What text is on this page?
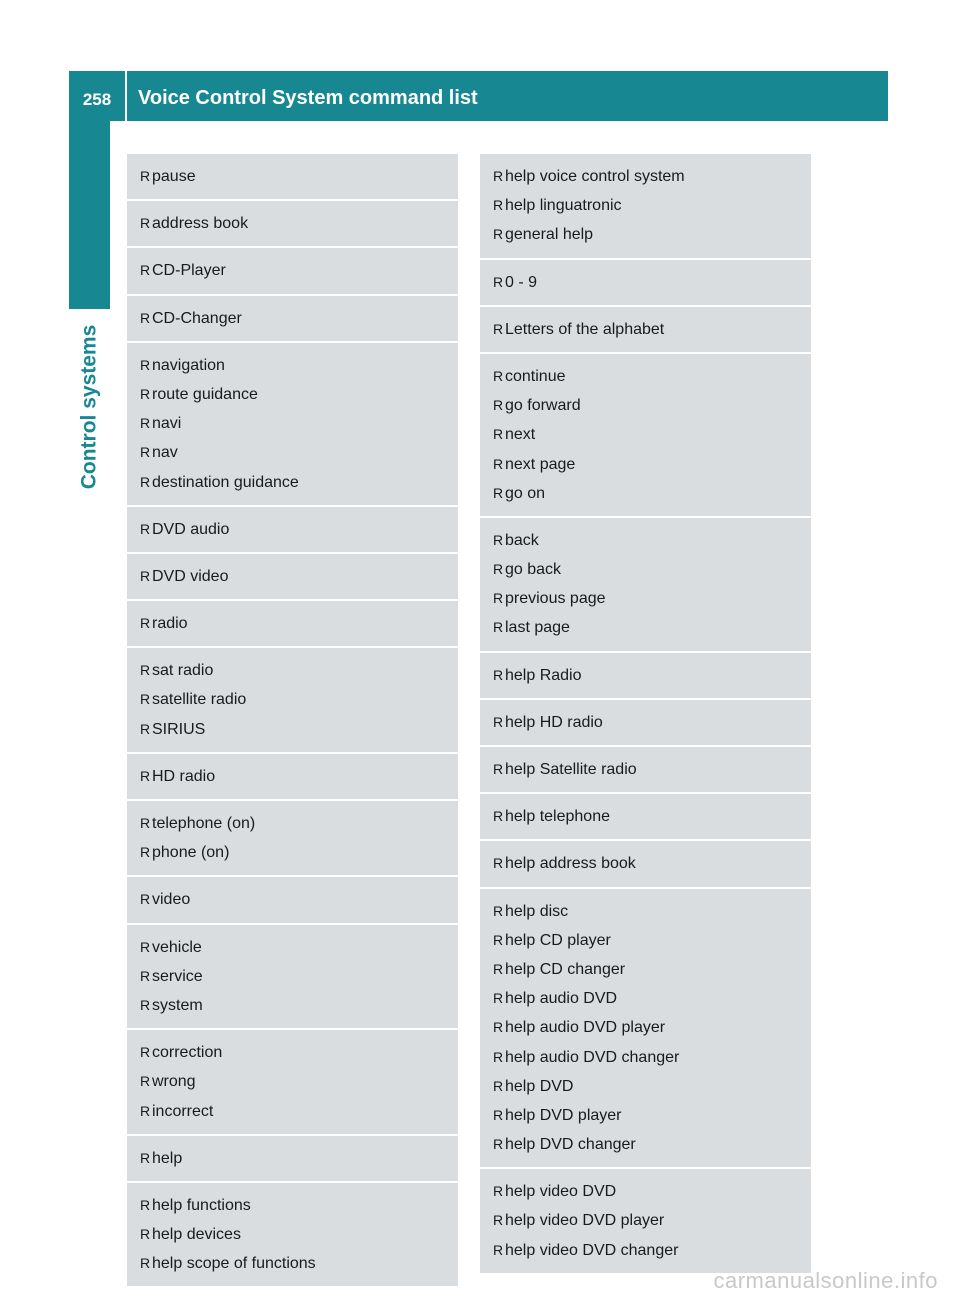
258	Voice Control System command list
Control systems
R pause
R address book
R CD-Player
R CD-Changer
R navigation
R route guidance
R navi
R nav
R destination guidance
R DVD audio
R DVD video
R radio
R sat radio
R satellite radio
R SIRIUS
R HD radio
R telephone (on)
R phone (on)
R video
R vehicle
R service
R system
R correction
R wrong
R incorrect
R help
R help functions
R help devices
R help scope of functions
R help voice control system
R help linguatronic
R general help
R 0 - 9
R Letters of the alphabet
R continue
R go forward
R next
R next page
R go on
R back
R go back
R previous page
R last page
R help Radio
R help HD radio
R help Satellite radio
R help telephone
R help address book
R help disc
R help CD player
R help CD changer
R help audio DVD
R help audio DVD player
R help audio DVD changer
R help DVD
R help DVD player
R help DVD changer
R help video DVD
R help video DVD player
R help video DVD changer
carmanualsonline.info
